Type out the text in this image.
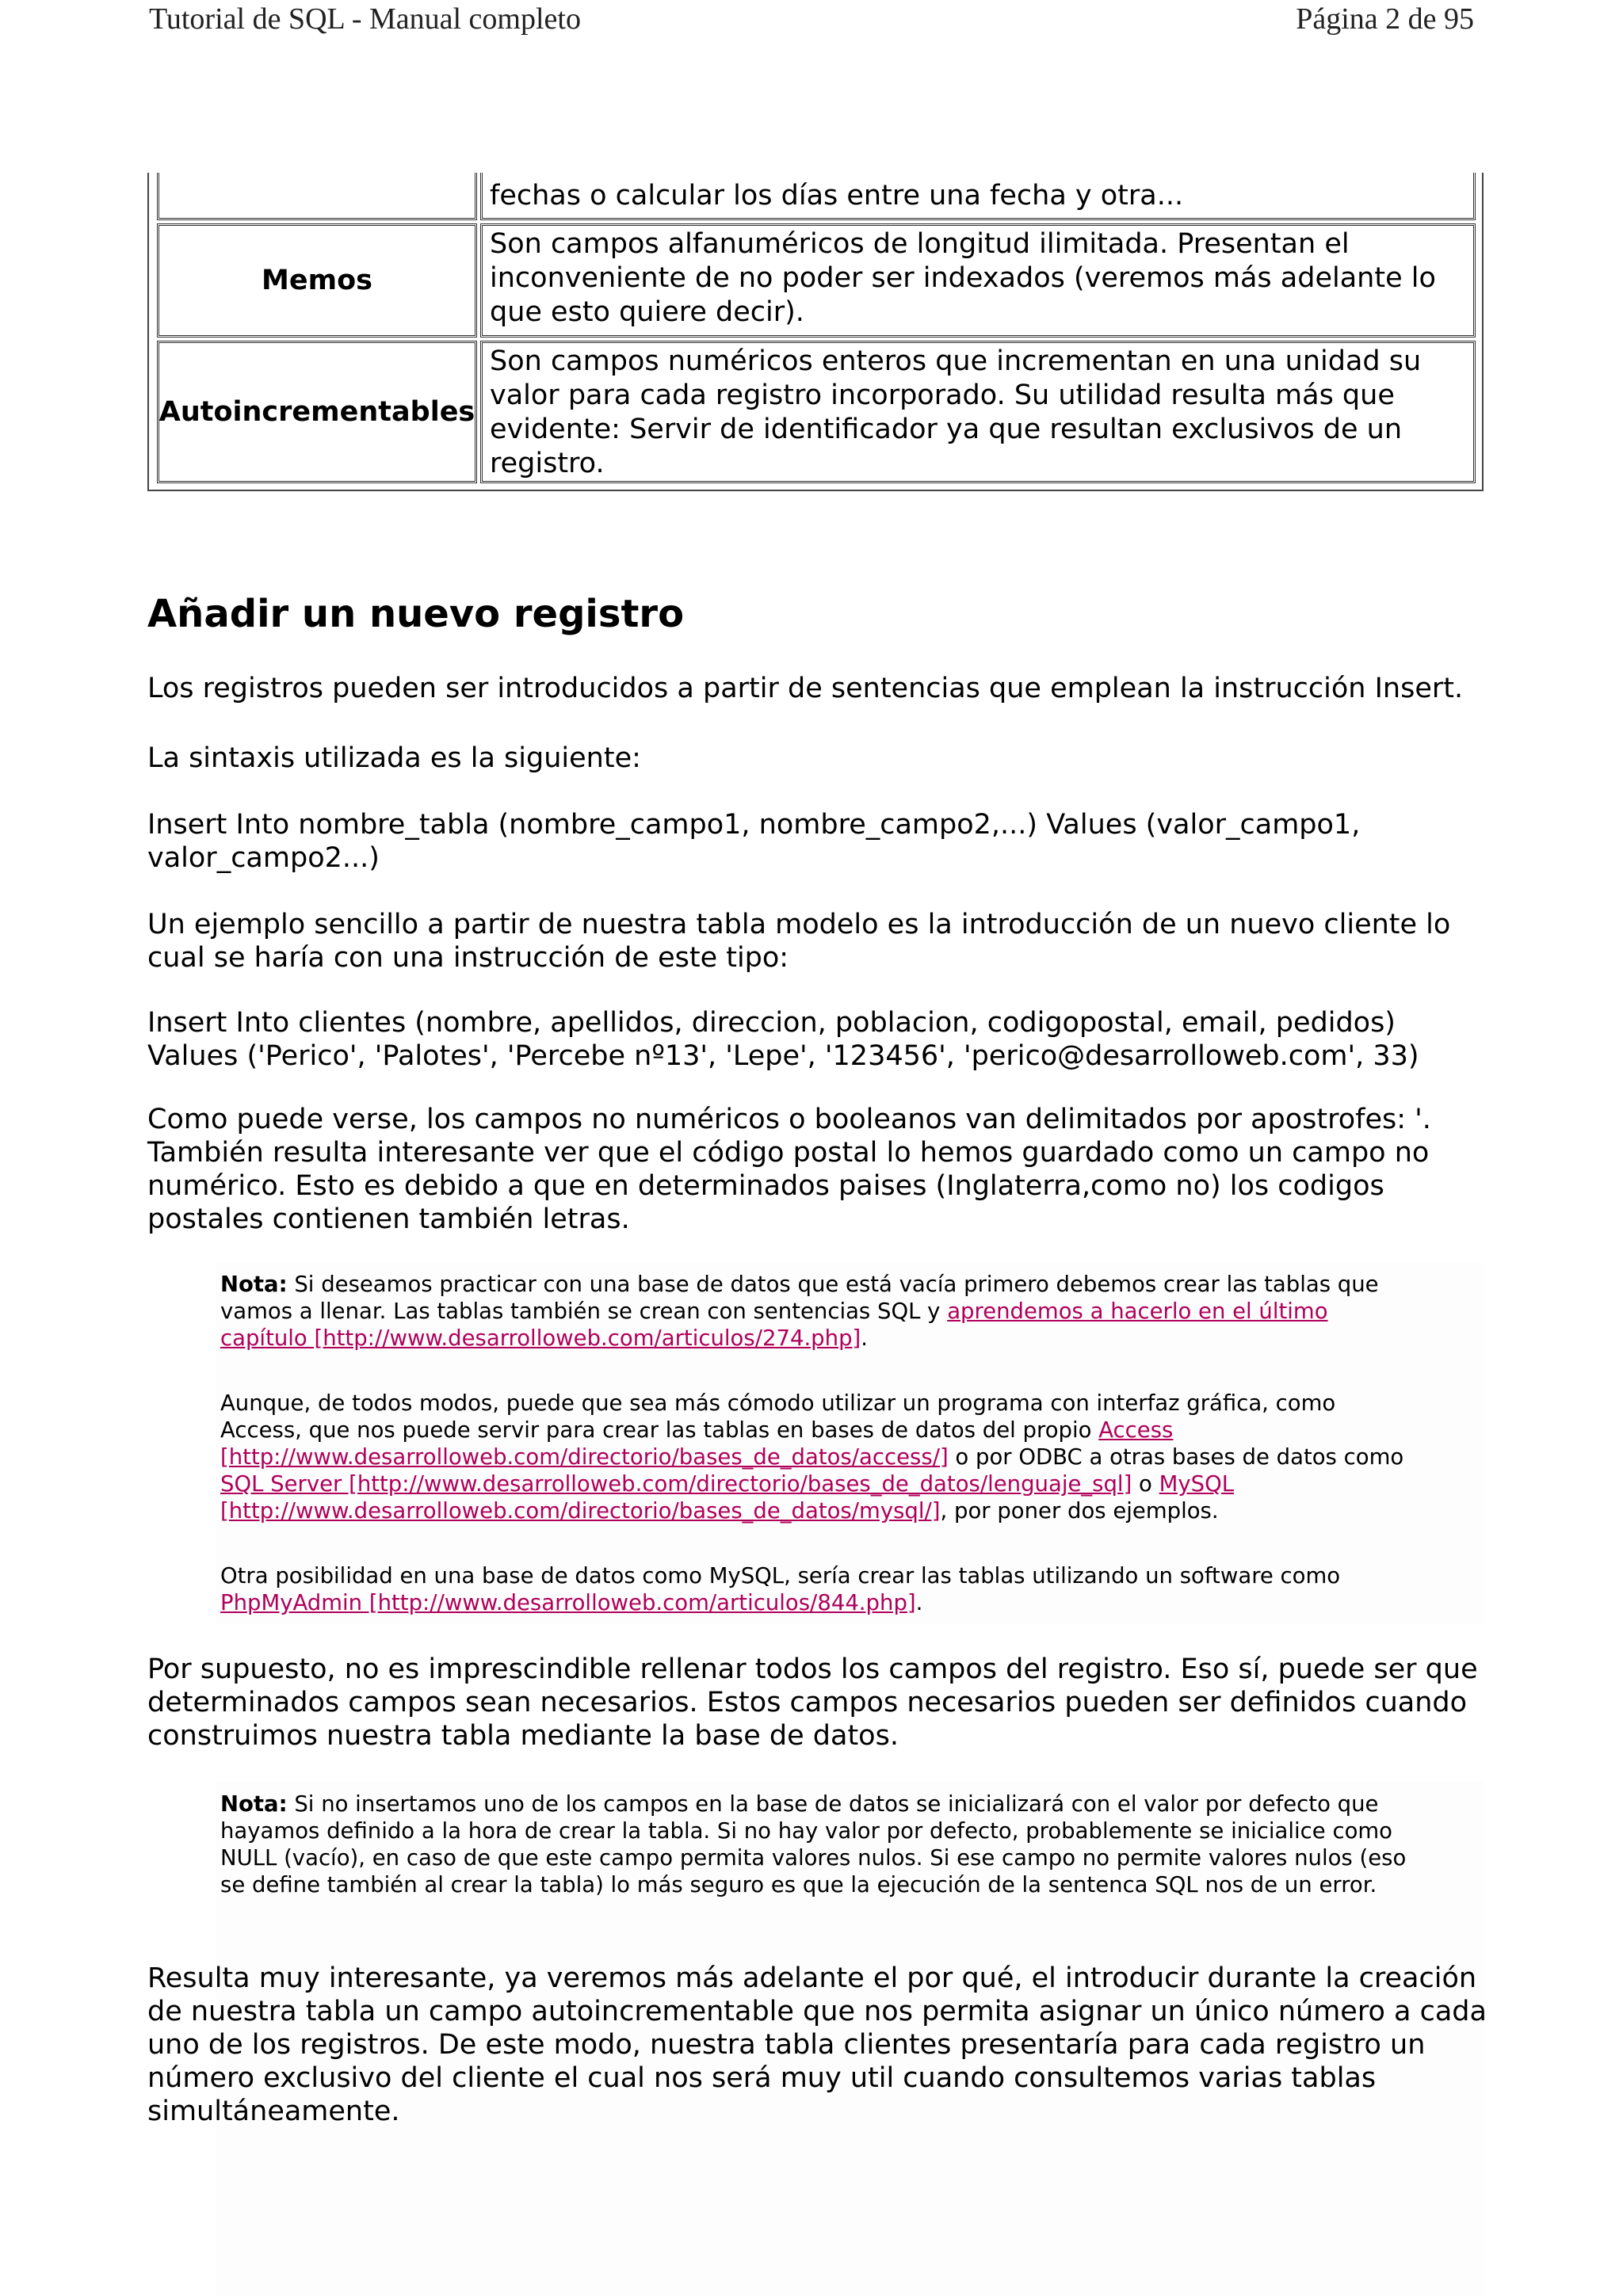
Tutorial de SQL - Manual completo	Página 2 de 95
fechas o calcular los días entre una fecha y otra...
Memos
Son campos alfanuméricos de longitud ilimitada. Presentan el inconveniente de no poder ser indexados (veremos más adelante lo que esto quiere decir).
Autoincrementables
Son campos numéricos enteros que incrementan en una unidad su valor para cada registro incorporado. Su utilidad resulta más que evidente: Servir de identificador ya que resultan exclusivos de un registro.
Añadir un nuevo registro

Los registros pueden ser introducidos a partir de sentencias que emplean la instrucción Insert.

La sintaxis utilizada es la siguiente:

Insert Into nombre_tabla (nombre_campo1, nombre_campo2,...) Values (valor_campo1, valor_campo2...)

Un ejemplo sencillo a partir de nuestra tabla modelo es la introducción de un nuevo cliente lo cual se haría con una instrucción de este tipo:

Insert Into clientes (nombre, apellidos, direccion, poblacion, codigopostal, email, pedidos) Values ('Perico', 'Palotes', 'Percebe nº13', 'Lepe', '123456', 'perico@desarrolloweb.com', 33)

Como puede verse, los campos no numéricos o booleanos van delimitados por apostrofes: '. También resulta interesante ver que el código postal lo hemos guardado como un campo no numérico. Esto es debido a que en determinados paises (Inglaterra,como no) los codigos postales contienen también letras.

Nota: Si deseamos practicar con una base de datos que está vacía primero debemos crear las tablas que vamos a llenar. Las tablas también se crean con sentencias SQL y aprendemos a hacerlo en el último capítulo [http://www.desarrolloweb.com/articulos/274.php].

Aunque, de todos modos, puede que sea más cómodo utilizar un programa con interfaz gráfica, como Access, que nos puede servir para crear las tablas en bases de datos del propio Access [http://www.desarrolloweb.com/directorio/bases_de_datos/access/] o por ODBC a otras bases de datos como SQL Server [http://www.desarrolloweb.com/directorio/bases_de_datos/lenguaje_sql] o MySQL [http://www.desarrolloweb.com/directorio/bases_de_datos/mysql/], por poner dos ejemplos.

Otra posibilidad en una base de datos como MySQL, sería crear las tablas utilizando un software como PhpMyAdmin [http://www.desarrolloweb.com/articulos/844.php].

Por supuesto, no es imprescindible rellenar todos los campos del registro. Eso sí, puede ser que determinados campos sean necesarios. Estos campos necesarios pueden ser definidos cuando construimos nuestra tabla mediante la base de datos.

Nota: Si no insertamos uno de los campos en la base de datos se inicializará con el valor por defecto que hayamos definido a la hora de crear la tabla. Si no hay valor por defecto, probablemente se inicialice como NULL (vacío), en caso de que este campo permita valores nulos. Si ese campo no permite valores nulos (eso se define también al crear la tabla) lo más seguro es que la ejecución de la sentenca SQL nos de un error.

Resulta muy interesante, ya veremos más adelante el por qué, el introducir durante la creación de nuestra tabla un campo autoincrementable que nos permita asignar un único número a cada uno de los registros. De este modo, nuestra tabla clientes presentaría para cada registro un número exclusivo del cliente el cual nos será muy util cuando consultemos varias tablas simultáneamente.
